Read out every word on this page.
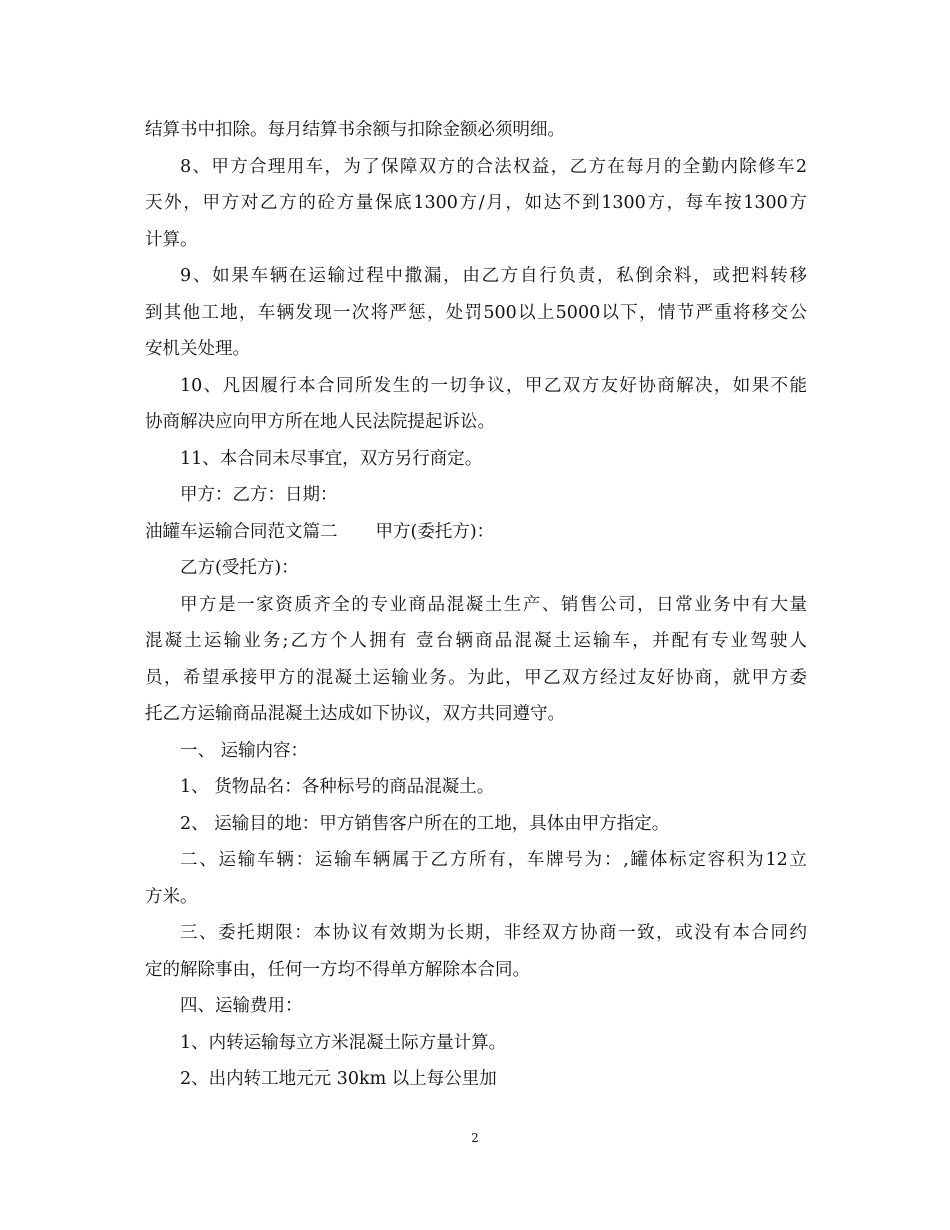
结算书中扣除。每月结算书余额与扣除金额必须明细。
8、甲方合理用车，为了保障双方的合法权益，乙方在每月的全勤内除修车2
天外，甲方对乙方的砼方量保底1300方/月，如达不到1300方，每车按1300方
计算。
9、如果车辆在运输过程中撒漏，由乙方自行负责，私倒余料，或把料转移
到其他工地，车辆发现一次将严惩，处罚500以上5000以下，情节严重将移交公
安机关处理。
10、凡因履行本合同所发生的一切争议，甲乙双方友好协商解决，如果不能
协商解决应向甲方所在地人民法院提起诉讼。
11、本合同未尽事宜，双方另行商定。
甲方：乙方：日期：
油罐车运输合同范文篇二 甲方(委托方)：
乙方(受托方)：
甲方是一家资质齐全的专业商品混凝土生产、销售公司，日常业务中有大量
混凝土运输业务;乙方个人拥有 壹台辆商品混凝土运输车，并配有专业驾驶人
员，希望承接甲方的混凝土运输业务。为此，甲乙双方经过友好协商，就甲方委
托乙方运输商品混凝土达成如下协议，双方共同遵守。
一、 运输内容：
1、 货物品名：各种标号的商品混凝土。
2、 运输目的地：甲方销售客户所在的工地，具体由甲方指定。
二、运输车辆：运输车辆属于乙方所有，车牌号为：,罐体标定容积为12立
方米。
三、委托期限：本协议有效期为长期，非经双方协商一致，或没有本合同约
定的解除事由，任何一方均不得单方解除本合同。
四、运输费用：
1、内转运输每立方米混凝土际方量计算。
2、出内转工地元元 30km 以上每公里加
2
